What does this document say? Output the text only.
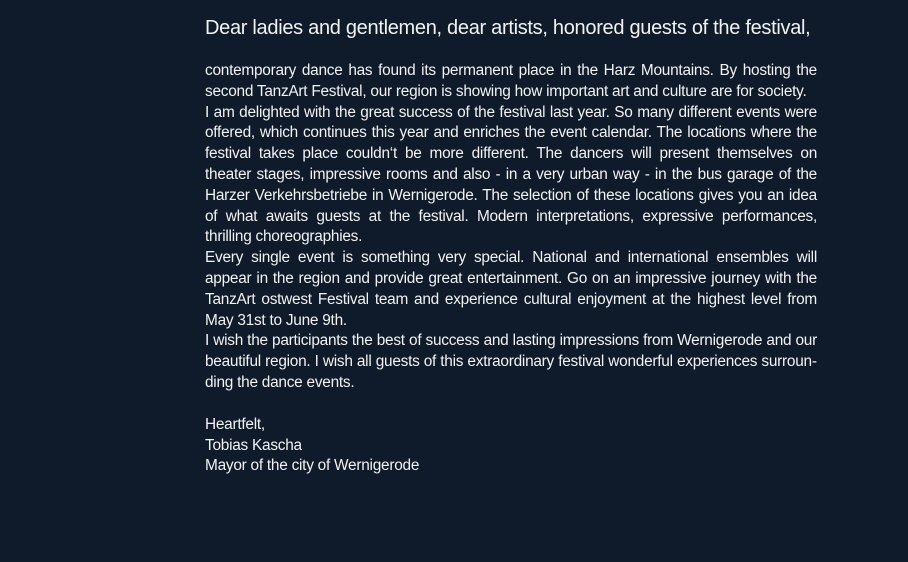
Dear ladies and gentlemen, dear artists, honored guests of the festival,

contemporary dance has found its permanent place in the Harz Mountains. By hosting the second TanzArt Festival, our region is showing how important art and culture are for society.

I am delighted with the great success of the festival last year. So many different events were offered, which continues this year and enriches the event calendar. The locations where the festival takes place couldn‘t be more different. The dancers will present themselves on theater stages, impressive rooms and also - in a very urban way - in the bus garage of the Harzer Verkehrsbetriebe in Wernigerode. The selection of these locations gives you an idea of what awaits guests at the festival. Modern interpretations, expressive performances, thrilling choreographies.

Every single event is something very special. National and international ensembles will appear in the region and provide great entertainment. Go on an impressive journey with the TanzArt ostwest Festival team and experience cultural enjoyment at the highest level from May 31st to June 9th.

I wish the participants the best of success and lasting impressions from Wernigerode and our beautiful region. I wish all guests of this extraordinary festival wonderful experiences surrounding the dance events.

Heartfelt,
Tobias Kascha
Mayor of the city of Wernigerode
